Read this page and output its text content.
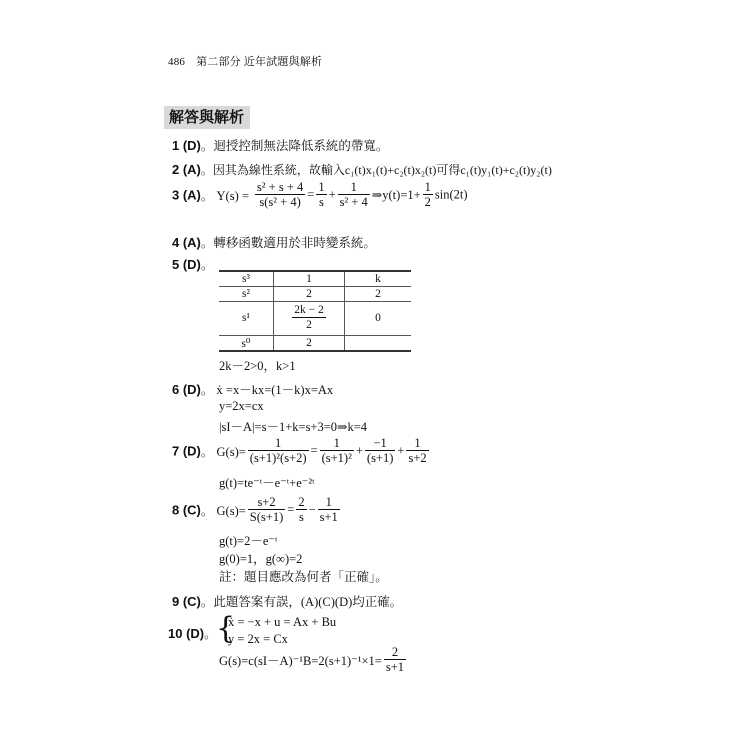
486 第二部分 近年試題與解析
解答與解析
1 (D)。迴授控制無法降低系統的帶寬。
2 (A)。因其為線性系統，故輸入c₁(t)x₁(t)+c₂(t)x₂(t)可得c₁(t)y₁(t)+c₂(t)y₂(t)
3 (A)。 $Y(s) = \frac{\text{s² + s + 4}}{\text{s(s² + 4)}} = \frac{1}{s} + \frac{1}{\text{s² + 4}}$ ⇒y(t)=1+ $\frac{1}{2} \sin(2t)$
4 (A)。轉移函數適用於非時變系統。
5 (D)。
s³	1	k
s²	2	2
s¹	$\frac{2k - 2}{2}$	0
s⁰	2	
2k－2>0，k>1
6 (D)。 ẋ =x－kx=(1－k)x=Ax
y=2x=cx
|sI－A|=s－1+k=s+3=0⇒k=4
7 (D)。 $G(s)= \frac{1}{\text{(s+1)²(s+2)}} = \frac{1}{\text{(s+1)²}} + \frac{-1}{(s+1)} + \frac{1}{s+2}$
g(t)=te⁻ᵗ－e⁻ᵗ+e⁻²ᵗ
8 (C)。 $G(s)= \frac{s+2}{S(s+1)} = \frac{2}{s} - \frac{1}{s+1}$
g(t)=2－e⁻ᵗ
g(0)=1，g(∞)=2
註：題目應改為何者「正確」。
9 (C)。此題答案有誤，(A)(C)(D)均正確。
10 (D)。 {
ẋ = −x + u = Ax + Bu
y = 2x = Cx
$G(s)=c(sI-A)^{-1}B=2(s+1)^{-1}\times 1= \frac{2}{s+1}$
